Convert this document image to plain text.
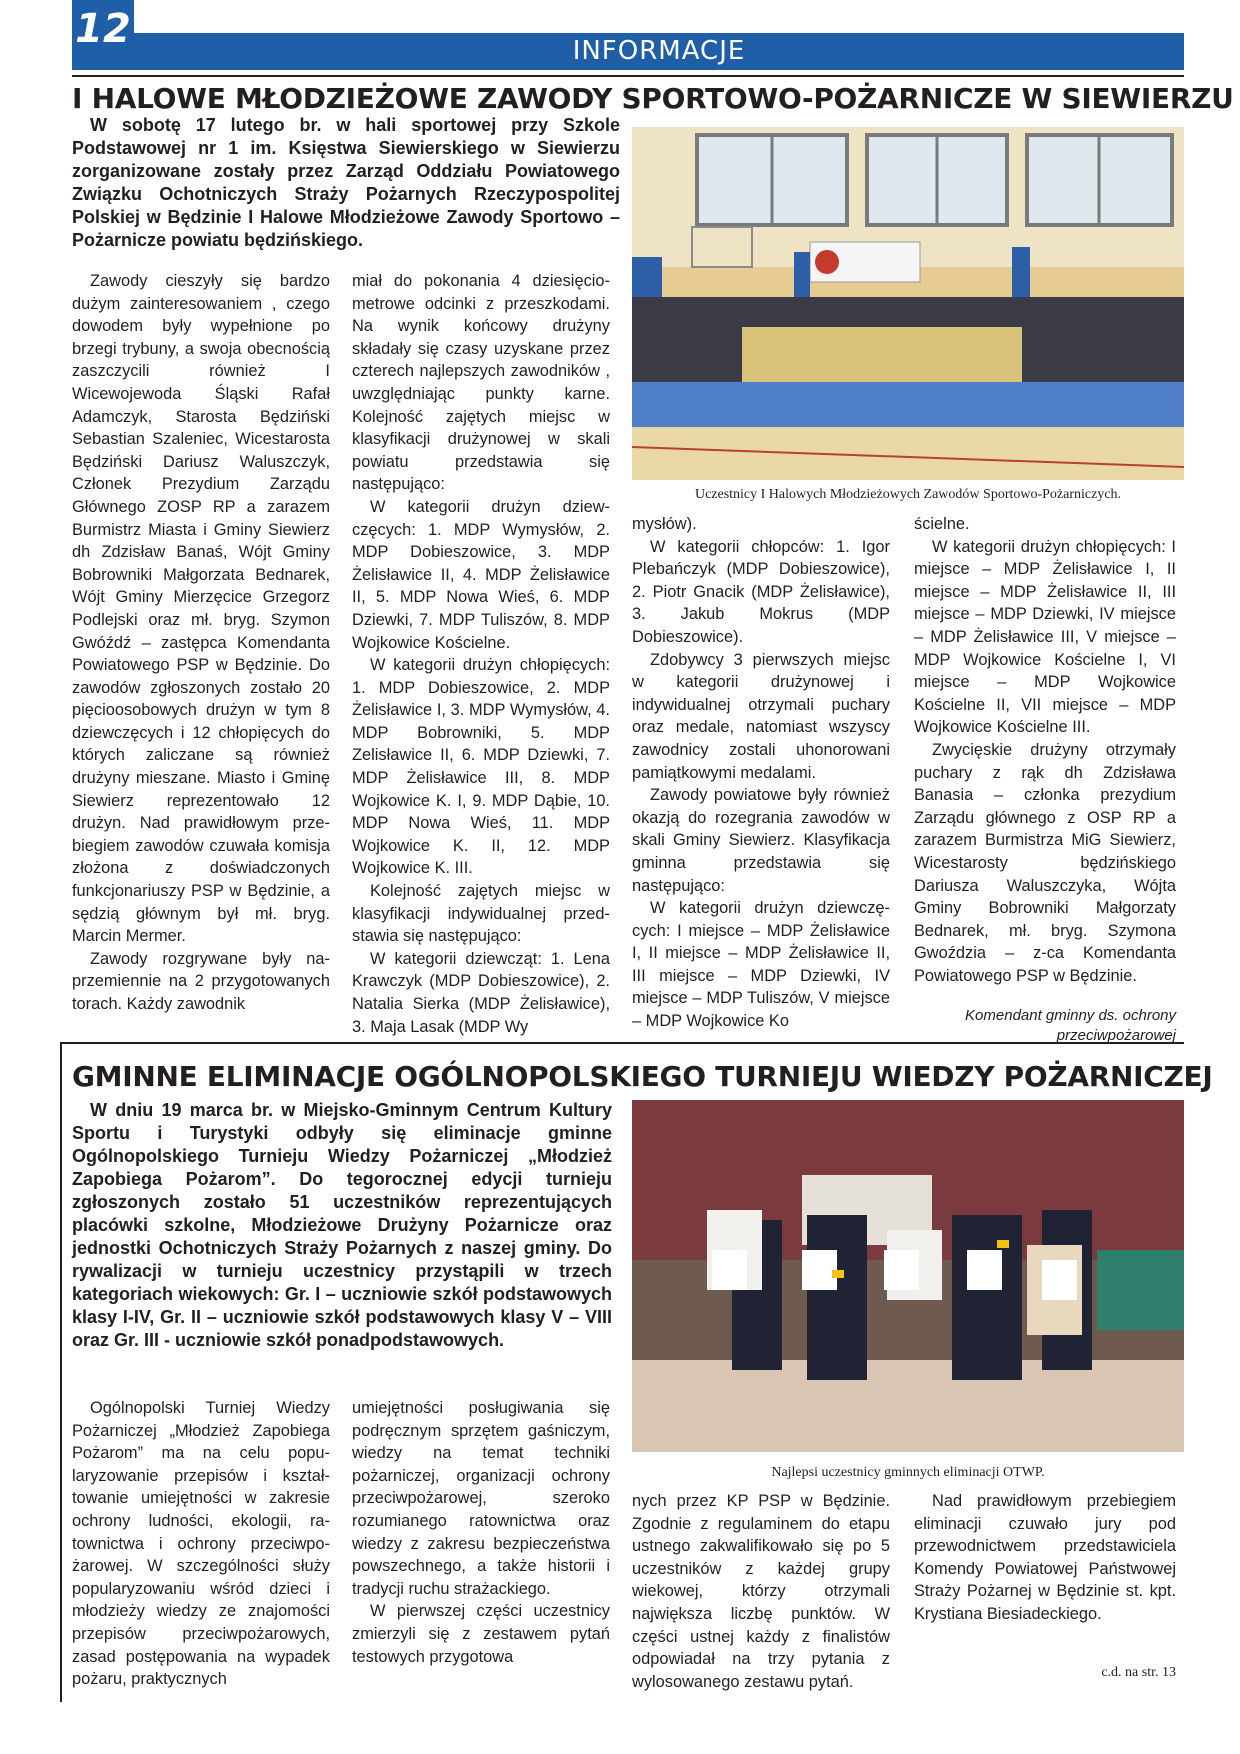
12	INFORMACJE
I HALOWE MŁODZIEŻOWE ZAWODY SPORTOWO-POŻARNICZE W SIEWIERZU
W sobotę 17 lutego br. w hali sportowej przy Szkole Podstawowej nr 1 im. Księstwa Siewierskiego w Siewierzu zorganizowane zostały przez Zarząd Oddziału Powiatowego Związku Ochotniczych Straży Pożarnych Rzeczypospolitej Polskiej w Będzinie I Halowe Młodzieżowe Zawody Sportowo – Pożarnicze powiatu będzińskiego.

Zawody cieszyły się bardzo dużym zainteresowaniem , czego dowodem były wypełnione po brzegi trybuny, a swoja obecnością zaszczycili również I Wicewojewoda Śląski Rafał Adamczyk, Starosta Będziński Sebastian Szaleniec, Wicestarosta Będziński Dariusz Waluszczyk, Członek Prezydium Zarządu Głównego ZOSP RP a zarazem Burmistrz Miasta i Gminy Siewierz dh Zdzisław Banaś, Wójt Gminy Bobrowniki Małgorzata Bednarek, Wójt Gminy Mierzęcice Grzegorz Podlejski oraz mł. bryg. Szymon Gwóźdź – zastępca Komendanta Powiatowego PSP w Będzinie. Do zawodów zgłoszonych zostało 20 pięcioosobowych drużyn w tym 8 dziewczęcych i 12 chłopięcych do których zaliczane są również drużyny mieszane. Miasto i Gminę Siewierz reprezentowało 12 drużyn. Nad prawidłowym przebiegiem zawodów czuwała komisja złożona z doświadczonych funkcjonariuszy PSP w Będzinie, a sędzią głównym był mł. bryg. Marcin Mermer.

Zawody rozgrywane były naprzemiennie na 2 przygotowanych torach. Każdy zawodnik

miał do pokonania 4 dziesięciometrowe odcinki z przeszkodami. Na wynik końcowy drużyny składały się czasy uzyskane przez czterech najlepszych zawodników , uwzględniając punkty karne. Kolejność zajętych miejsc w klasyfikacji drużynowej w skali powiatu przedstawia się następująco:

W kategorii drużyn dziewczęcych: 1. MDP Wymysłów, 2. MDP Dobieszowice, 3. MDP Żelisławice II, 4. MDP Żelisławice II, 5. MDP Nowa Wieś, 6. MDP Dziewki, 7. MDP Tuliszów, 8. MDP Wojkowice Kościelne.

W kategorii drużyn chłopięcych: 1. MDP Dobieszowice, 2. MDP Żelisławice I, 3. MDP Wymysłów, 4. MDP Bobrowniki, 5. MDP Zelisławice II, 6. MDP Dziewki, 7. MDP Żelisławice III, 8. MDP Wojkowice K. I, 9. MDP Dąbie, 10. MDP Nowa Wieś, 11. MDP Wojkowice K. II, 12. MDP Wojkowice K. III.

Kolejność zajętych miejsc w klasyfikacji indywidualnej przedstawia się następująco:

W kategorii dziewcząt: 1. Lena Krawczyk (MDP Dobieszowice), 2. Natalia Sierka (MDP Żelisławice), 3. Maja Lasak (MDP Wy

Uczestnicy I Halowych Młodzieżowych Zawodów Sportowo-Pożarniczych.

mysłów).

W kategorii chłopców: 1. Igor Plebańczyk (MDP Dobieszowice), 2. Piotr Gnacik (MDP Żelisławice), 3. Jakub Mokrus (MDP Dobieszowice).

Zdobywcy 3 pierwszych miejsc w kategorii drużynowej i indywidualnej otrzymali puchary oraz medale, natomiast wszyscy zawodnicy zostali uhonorowani pamiątkowymi medalami.

Zawody powiatowe były również okazją do rozegrania zawodów w skali Gminy Siewierz. Klasyfikacja gminna przedstawia się następująco:

W kategorii drużyn dziewczęcych: I miejsce – MDP Żelisławice I, II miejsce – MDP Żelisławice II, III miejsce – MDP Dziewki, IV miejsce – MDP Tuliszów, V miejsce – MDP Wojkowice Ko

ścielne.

W kategorii drużyn chłopięcych: I miejsce – MDP Żelisławice I, II miejsce – MDP Żelisławice II, III miejsce – MDP Dziewki, IV miejsce – MDP Żelisławice III, V miejsce – MDP Wojkowice Kościelne I, VI miejsce – MDP Wojkowice Kościelne II, VII miejsce – MDP Wojkowice Kościelne III.

Zwycięskie drużyny otrzymały puchary z rąk dh Zdzisława Banasia – członka prezydium Zarządu głównego z OSP RP a zarazem Burmistrza MiG Siewierz, Wicestarosty będzińskiego Dariusza Waluszczyka, Wójta Gminy Bobrowniki Małgorzaty Bednarek, mł. bryg. Szymona Gwoździa – z-ca Komendanta Powiatowego PSP w Będzinie.

Komendant gminny ds. ochrony
przeciwpożarowej
GMINNE ELIMINACJE OGÓLNOPOLSKIEGO TURNIEJU WIEDZY POŻARNICZEJ
W dniu 19 marca br. w Miejsko-Gminnym Centrum Kultury Sportu i Turystyki odbyły się eliminacje gminne Ogólnopolskiego Turnieju Wiedzy Pożarniczej „Młodzież Zapobiega Pożarom”. Do tegorocznej edycji turnieju zgłoszonych zostało 51 uczestników reprezentujących placówki szkolne, Młodzieżowe Drużyny Pożarnicze oraz jednostki Ochotniczych Straży Pożarnych z naszej gminy. Do rywalizacji w turnieju uczestnicy przystąpili w trzech kategoriach wiekowych: Gr. I – uczniowie szkół podstawowych klasy I-IV, Gr. II – uczniowie szkół podstawowych klasy V – VIII oraz Gr. III - uczniowie szkół ponadpodstawowych.

Ogólnopolski Turniej Wiedzy Pożarniczej „Młodzież Zapobiega Pożarom” ma na celu popularyzowanie przepisów i kształtowanie umiejętności w zakresie ochrony ludności, ekologii, ratownictwa i ochrony przeciwpożarowej. W szczególności służy popularyzowaniu wśród dzieci i młodzieży wiedzy ze znajomości przepisów przeciwpożarowych, zasad postępowania na wypadek pożaru, praktycznych

umiejętności posługiwania się podręcznym sprzętem gaśniczym, wiedzy na temat techniki pożarniczej, organizacji ochrony przeciwpożarowej, szeroko rozumianego ratownictwa oraz wiedzy z zakresu bezpieczeństwa powszechnego, a także historii i tradycji ruchu strażackiego.

W pierwszej części uczestnicy zmierzyli się z zestawem pytań testowych przygotowa

Najlepsi uczestnicy gminnych eliminacji OTWP.

nych przez KP PSP w Będzinie. Zgodnie z regulaminem do etapu ustnego zakwalifikowało się po 5 uczestników z każdej grupy wiekowej, którzy otrzymali największa liczbę punktów. W części ustnej każdy z finalistów odpowiadał na trzy pytania z wylosowanego zestawu pytań.

Nad prawidłowym przebiegiem eliminacji czuwało jury pod przewodnictwem przedstawiciela Komendy Powiatowej Państwowej Straży Pożarnej w Będzinie st. kpt. Krystiana Biesiadeckiego.

c.d. na str. 13
